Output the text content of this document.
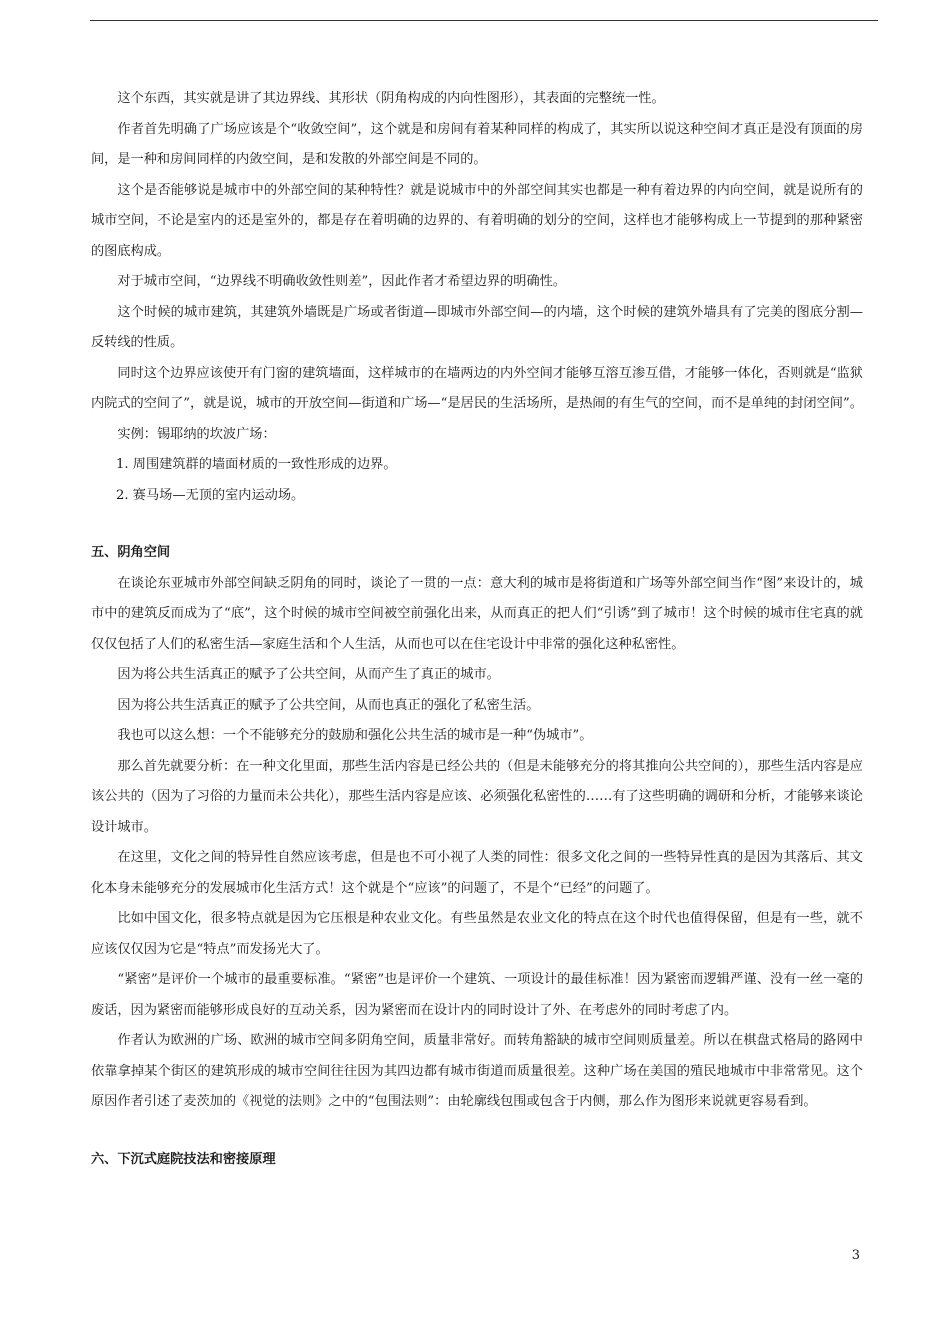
这个东西，其实就是讲了其边界线、其形状（阴角构成的内向性图形），其表面的完整统一性。

作者首先明确了广场应该是个“收敛空间”，这个就是和房间有着某种同样的构成了，其实所以说这种空间才真正是没有顶面的房间，是一种和房间同样的内敛空间，是和发散的外部空间是不同的。

这个是否能够说是城市中的外部空间的某种特性？就是说城市中的外部空间其实也都是一种有着边界的内向空间，就是说所有的城市空间，不论是室内的还是室外的，都是存在着明确的边界的、有着明确的划分的空间，这样也才能够构成上一节提到的那种紧密的图底构成。

对于城市空间，“边界线不明确收敛性则差”，因此作者才希望边界的明确性。

这个时候的城市建筑，其建筑外墙既是广场或者街道—即城市外部空间—的内墙，这个时候的建筑外墙具有了完美的图底分割—反转线的性质。

同时这个边界应该使开有门窗的建筑墙面，这样城市的在墙两边的内外空间才能够互溶互渗互借，才能够一体化，否则就是“监狱内院式的空间了”，就是说，城市的开放空间—街道和广场—“是居民的生活场所，是热闹的有生气的空间，而不是单纯的封闭空间”。

实例：锡耶纳的坎波广场：

1. 周围建筑群的墙面材质的一致性形成的边界。

2. 赛马场—无顶的室内运动场。

五、阴角空间

在谈论东亚城市外部空间缺乏阴角的同时，谈论了一贯的一点：意大利的城市是将街道和广场等外部空间当作“图”来设计的，城市中的建筑反而成为了“底”，这个时候的城市空间被空前强化出来，从而真正的把人们“引诱”到了城市！这个时候的城市住宅真的就仅仅包括了人们的私密生活—家庭生活和个人生活，从而也可以在住宅设计中非常的强化这种私密性。

因为将公共生活真正的赋予了公共空间，从而产生了真正的城市。

因为将公共生活真正的赋予了公共空间，从而也真正的强化了私密生活。

我也可以这么想：一个不能够充分的鼓励和强化公共生活的城市是一种“伪城市”。

那么首先就要分析：在一种文化里面，那些生活内容是已经公共的（但是未能够充分的将其推向公共空间的），那些生活内容是应该公共的（因为了习俗的力量而未公共化），那些生活内容是应该、必须强化私密性的……有了这些明确的调研和分析，才能够来谈论设计城市。

在这里，文化之间的特异性自然应该考虑，但是也不可小视了人类的同性：很多文化之间的一些特异性真的是因为其落后、其文化本身未能够充分的发展城市化生活方式！这个就是个“应该”的问题了，不是个“已经”的问题了。

比如中国文化，很多特点就是因为它压根是种农业文化。有些虽然是农业文化的特点在这个时代也值得保留，但是有一些，就不应该仅仅因为它是“特点”而发扬光大了。

“紧密”是评价一个城市的最重要标准。“紧密”也是评价一个建筑、一项设计的最佳标准！因为紧密而逻辑严谨、没有一丝一毫的废话，因为紧密而能够形成良好的互动关系，因为紧密而在设计内的同时设计了外、在考虑外的同时考虑了内。

作者认为欧洲的广场、欧洲的城市空间多阴角空间，质量非常好。而转角豁缺的城市空间则质量差。所以在棋盘式格局的路网中依靠拿掉某个街区的建筑形成的城市空间往往因为其四边都有城市街道而质量很差。这种广场在美国的殖民地城市中非常常见。这个原因作者引述了麦茨加的《视觉的法则》之中的“包围法则”：由轮廓线包围或包含于内侧，那么作为图形来说就更容易看到。

六、下沉式庭院技法和密接原理
3
